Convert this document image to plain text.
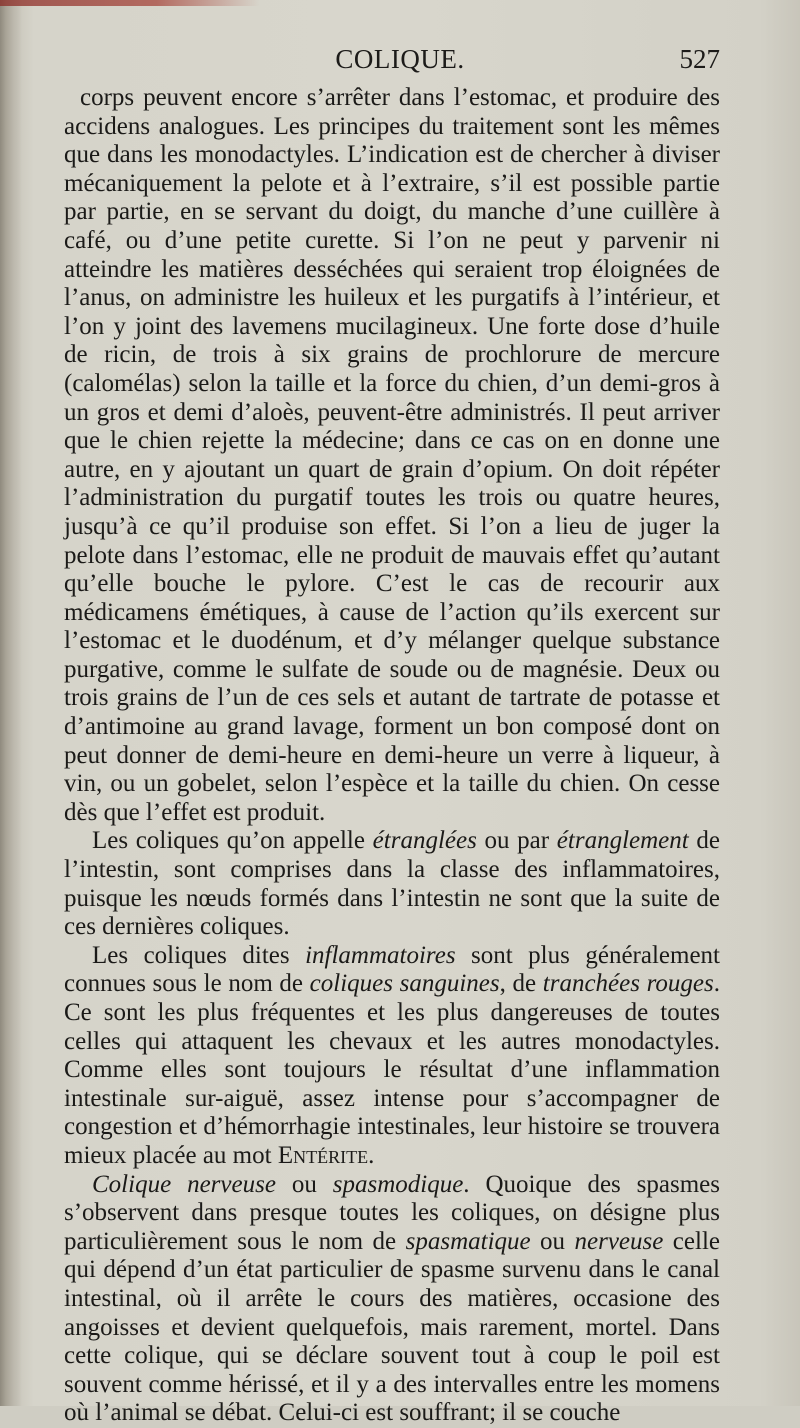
COLIQUE.	527

corps peuvent encore s’arrêter dans l’estomac, et produire des accidens analogues. Les principes du traitement sont les mêmes que dans les monodactyles. L’indication est de chercher à diviser mécaniquement la pelote et à l’extraire, s’il est possible partie par partie, en se servant du doigt, du manche d’une cuillère à café, ou d’une petite curette. Si l’on ne peut y parvenir ni atteindre les matières desséchées qui seraient trop éloignées de l’anus, on administre les huileux et les purgatifs à l’intérieur, et l’on y joint des lavemens mucilagineux. Une forte dose d’huile de ricin, de trois à six grains de prochlorure de mercure (calomélas) selon la taille et la force du chien, d’un demi-gros à un gros et demi d’aloès, peuvent-être administrés. Il peut arriver que le chien rejette la médecine; dans ce cas on en donne une autre, en y ajoutant un quart de grain d’opium. On doit répéter l’administration du purgatif toutes les trois ou quatre heures, jusqu’à ce qu’il produise son effet. Si l’on a lieu de juger la pelote dans l’estomac, elle ne produit de mauvais effet qu’autant qu’elle bouche le pylore. C’est le cas de recourir aux médicamens émétiques, à cause de l’action qu’ils exercent sur l’estomac et le duodénum, et d’y mélanger quelque substance purgative, comme le sulfate de soude ou de magnésie. Deux ou trois grains de l’un de ces sels et autant de tartrate de potasse et d’antimoine au grand lavage, forment un bon composé dont on peut donner de demi-heure en demi-heure un verre à liqueur, à vin, ou un gobelet, selon l’espèce et la taille du chien. On cesse dès que l’effet est produit.

Les coliques qu’on appelle étranglées ou par étranglement de l’intestin, sont comprises dans la classe des inflammatoires, puisque les nœuds formés dans l’intestin ne sont que la suite de ces dernières coliques.

Les coliques dites inflammatoires sont plus généralement connues sous le nom de coliques sanguines, de tranchées rouges. Ce sont les plus fréquentes et les plus dangereuses de toutes celles qui attaquent les chevaux et les autres monodactyles. Comme elles sont toujours le résultat d’une inflammation intestinale sur-aiguë, assez intense pour s’accompagner de congestion et d’hémorrhagie intestinales, leur histoire se trouvera mieux placée au mot Entérite.

Colique nerveuse ou spasmodique. Quoique des spasmes s’observent dans presque toutes les coliques, on désigne plus particulièrement sous le nom de spasmatique ou nerveuse celle qui dépend d’un état particulier de spasme survenu dans le canal intestinal, où il arrête le cours des matières, occasione des angoisses et devient quelquefois, mais rarement, mortel. Dans cette colique, qui se déclare souvent tout à coup le poil est souvent comme hérissé, et il y a des intervalles entre les momens où l’animal se débat. Celui-ci est souffrant; il se couche
